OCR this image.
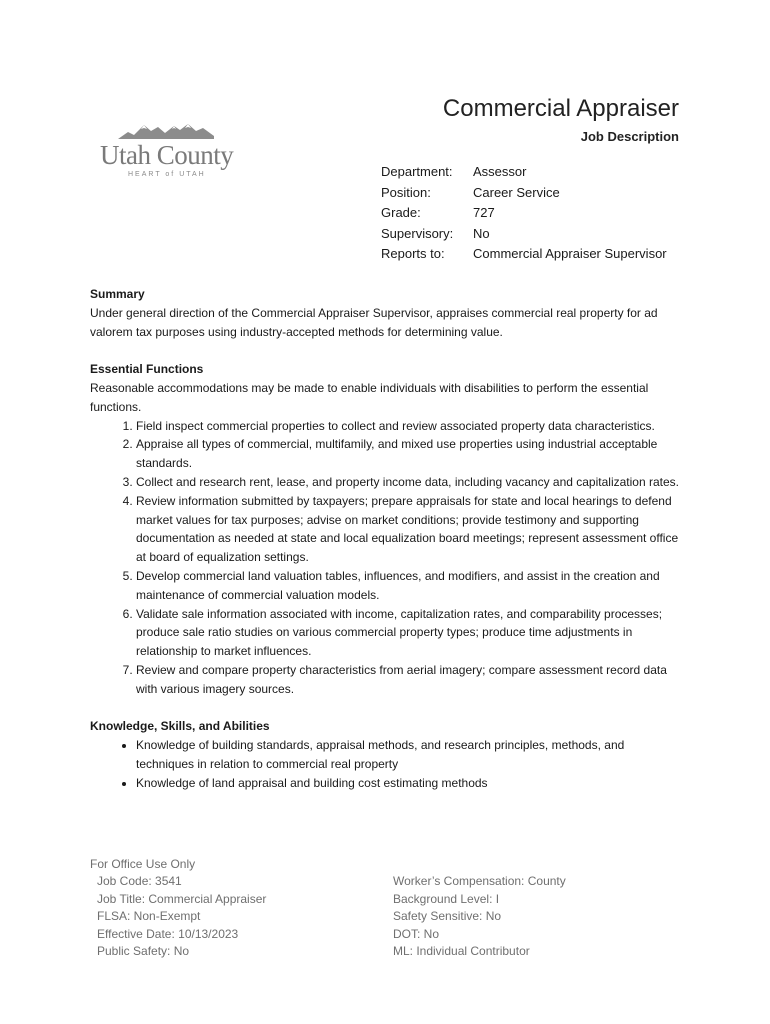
Utah County
HEART of UTAH
Commercial Appraiser
Job Description
Department:	Assessor
Position:	Career Service
Grade:	727
Supervisory:	No
Reports to:	Commercial Appraiser Supervisor
Summary
Under general direction of the Commercial Appraiser Supervisor, appraises commercial real property for ad valorem tax purposes using industry-accepted methods for determining value.
Essential Functions
Reasonable accommodations may be made to enable individuals with disabilities to perform the essential functions.
1. Field inspect commercial properties to collect and review associated property data characteristics.
2. Appraise all types of commercial, multifamily, and mixed use properties using industrial acceptable standards.
3. Collect and research rent, lease, and property income data, including vacancy and capitalization rates.
4. Review information submitted by taxpayers; prepare appraisals for state and local hearings to defend market values for tax purposes; advise on market conditions; provide testimony and supporting documentation as needed at state and local equalization board meetings; represent assessment office at board of equalization settings.
5. Develop commercial land valuation tables, influences, and modifiers, and assist in the creation and maintenance of commercial valuation models.
6. Validate sale information associated with income, capitalization rates, and comparability processes; produce sale ratio studies on various commercial property types; produce time adjustments in relationship to market influences.
7. Review and compare property characteristics from aerial imagery; compare assessment record data with various imagery sources.
Knowledge, Skills, and Abilities
• Knowledge of building standards, appraisal methods, and research principles, methods, and techniques in relation to commercial real property
• Knowledge of land appraisal and building cost estimating methods
For Office Use Only
Job Code: 3541
Job Title: Commercial Appraiser
FLSA: Non-Exempt
Effective Date: 10/13/2023
Public Safety: No
Worker’s Compensation: County
Background Level: I
Safety Sensitive: No
DOT: No
ML: Individual Contributor
